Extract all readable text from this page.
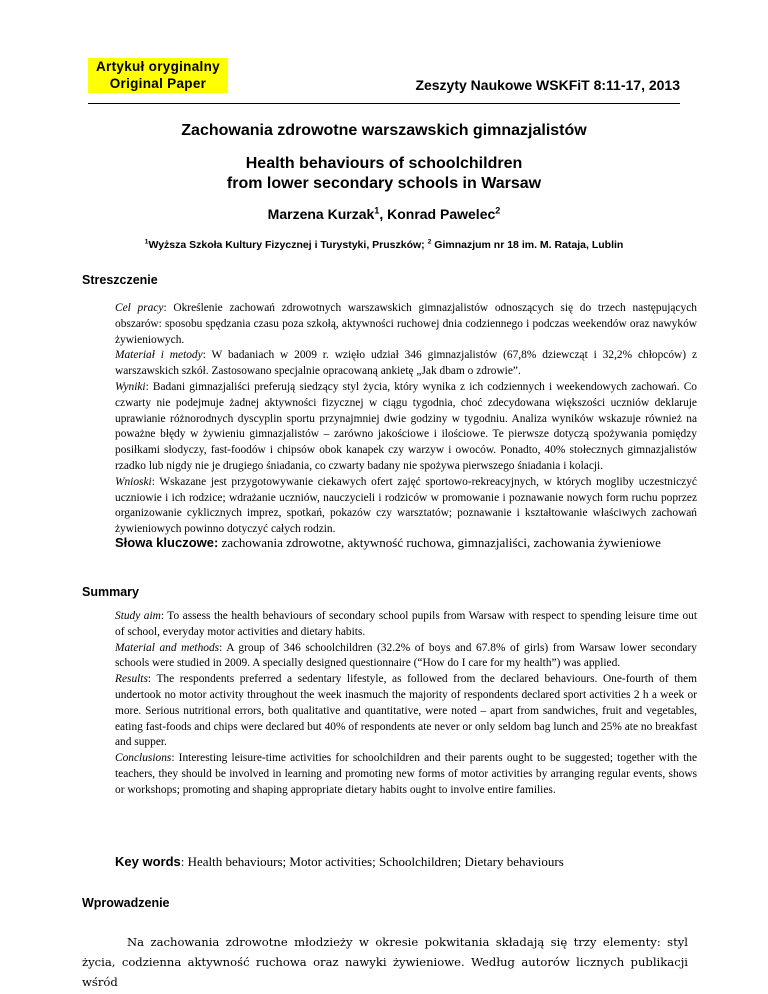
Artykuł oryginalny
Original Paper	Zeszyty Naukowe WSKFiT 8:11-17, 2013
Zachowania zdrowotne warszawskich gimnazjalistów
Health behaviours of schoolchildren
from lower secondary schools in Warsaw
Marzena Kurzak$^1$, Konrad Pawelec$^2$
$^1$Wyższa Szkoła Kultury Fizycznej i Turystyki, Pruszków; $^2$ Gimnazjum nr 18 im. M. Rataja, Lublin
Streszczenie

Cel pracy: Określenie zachowań zdrowotnych warszawskich gimnazjalistów odnoszących się do trzech następujących obszarów: sposobu spędzania czasu poza szkołą, aktywności ruchowej dnia codziennego i podczas weekendów oraz nawyków żywieniowych.

Materiał i metody: W badaniach w 2009 r. wzięło udział 346 gimnazjalistów (67,8% dziewcząt i 32,2% chłopców) z warszawskich szkół. Zastosowano specjalnie opracowaną ankietę „Jak dbam o zdrowie”.

Wyniki: Badani gimnazjaliści preferują siedzący styl życia, który wynika z ich codziennych i weekendowych zachowań. Co czwarty nie podejmuje żadnej aktywności fizycznej w ciągu tygodnia, choć zdecydowana większości uczniów deklaruje uprawianie różnorodnych dyscyplin sportu przynajmniej dwie godziny w tygodniu. Analiza wyników wskazuje również na poważne błędy w żywieniu gimnazjalistów – zarówno jakościowe i ilościowe. Te pierwsze dotyczą spożywania pomiędzy posiłkami słodyczy, fast-foodów i chipsów obok kanapek czy warzyw i owoców. Ponadto, 40% stołecznych gimnazjalistów rzadko lub nigdy nie je drugiego śniadania, co czwarty badany nie spożywa pierwszego śniadania i kolacji.

Wnioski: Wskazane jest przygotowywanie ciekawych ofert zajęć sportowo-rekreacyjnych, w których mogliby uczestniczyć uczniowie i ich rodzice; wdrażanie uczniów, nauczycieli i rodziców w promowanie i poznawanie nowych form ruchu poprzez organizowanie cyklicznych imprez, spotkań, pokazów czy warsztatów; poznawanie i kształtowanie właściwych zachowań żywieniowych powinno dotyczyć całych rodzin.

Słowa kluczowe: zachowania zdrowotne, aktywność ruchowa, gimnazjaliści, zachowania żywieniowe
Summary

Study aim: To assess the health behaviours of secondary school pupils from Warsaw with respect to spending leisure time out of school, everyday motor activities and dietary habits.

Material and methods: A group of 346 schoolchildren (32.2% of boys and 67.8% of girls) from Warsaw lower secondary schools were studied in 2009. A specially designed questionnaire (“How do I care for my health”) was applied.

Results: The respondents preferred a sedentary lifestyle, as followed from the declared behaviours. One-fourth of them undertook no motor activity throughout the week inasmuch the majority of respondents declared sport activities 2 h a week or more. Serious nutritional errors, both qualitative and quantitative, were noted – apart from sandwiches, fruit and vegetables, eating fast-foods and chips were declared but 40% of respondents ate never or only seldom bag lunch and 25% ate no breakfast and supper.

Conclusions: Interesting leisure-time activities for schoolchildren and their parents ought to be suggested; together with the teachers, they should be involved in learning and promoting new forms of motor activities by arranging regular events, shows or workshops; promoting and shaping appropriate dietary habits ought to involve entire families.

Key words: Health behaviours; Motor activities; Schoolchildren; Dietary behaviours
Wprowadzenie

Na zachowania zdrowotne młodzieży w okresie pokwitania składają się trzy elementy: styl życia, codzienna aktywność ruchowa oraz nawyki żywieniowe. Według autorów licznych publikacji wśród
